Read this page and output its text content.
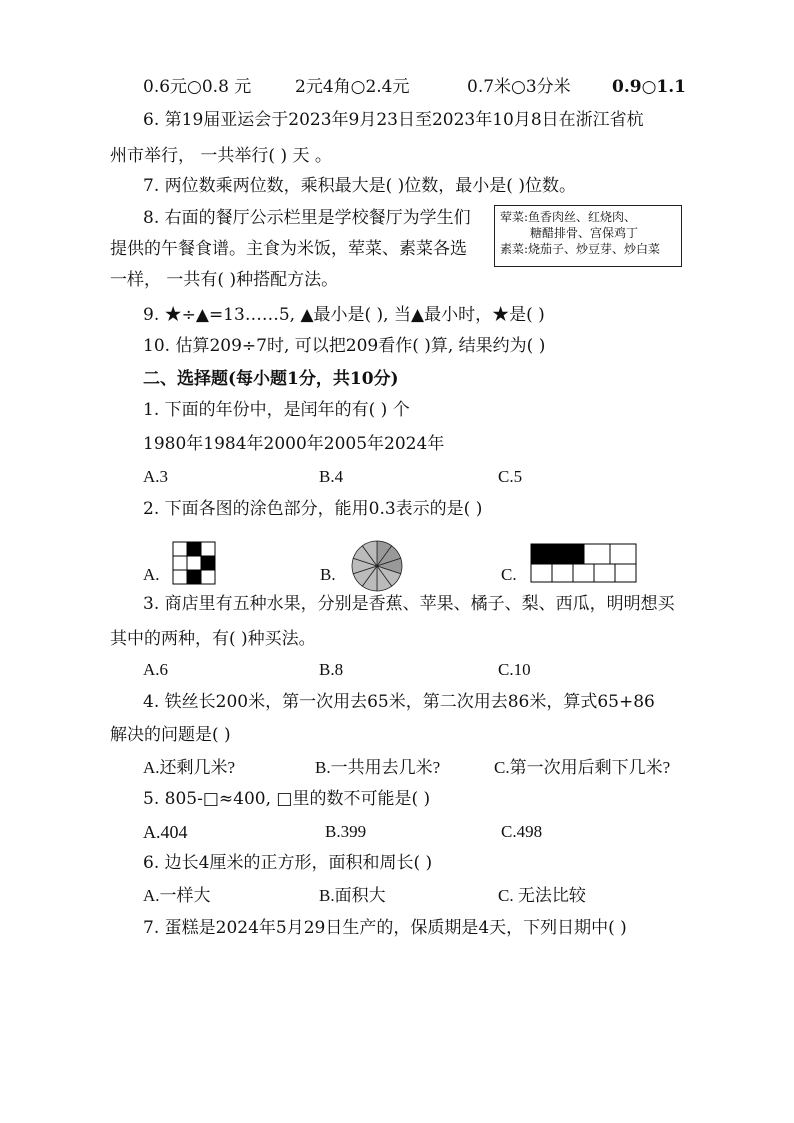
0.6元○0.8 元	2元4角○2.4元	0.7米○3分米 0.9○1.1
6. 第19届亚运会于2023年9月23日至2023年10月8日在浙江省杭
州市举行， 一共举行( ) 天 。
7. 两位数乘两位数，乘积最大是( )位数，最小是( )位数。
8. 右面的餐厅公示栏里是学校餐厅为学生们
提供的午餐食谱。主食为米饭，荤菜、素菜各选
一样， 一共有( )种搭配方法。
荤菜:鱼香肉丝、红烧肉、
糖醋排骨、宫保鸡丁
素菜:烧茄子、炒豆芽、炒白菜
9. ★÷▲=13……5, ▲最小是( ), 当▲最小时，★是( )
10. 估算209÷7时, 可以把209看作( )算, 结果约为( )
二、选择题(每小题1分，共10分)
1. 下面的年份中，是闰年的有( ) 个
1980年1984年2000年2005年2024年
A.3	B.4	C.5
2. 下面各图的涂色部分，能用0.3表示的是( )
A.	B.	C.
3. 商店里有五种水果，分别是香蕉、苹果、橘子、梨、西瓜，明明想买
其中的两种，有( )种买法。
A.6	B.8	C.10
4. 铁丝长200米，第一次用去65米，第二次用去86米，算式65+86
解决的问题是( )
A.还剩几米?	B.一共用去几米?	C.第一次用后剩下几米?
5. 805-□≈400, □里的数不可能是( )
A.404	B.399	C.498
6. 边长4厘米的正方形，面积和周长( )
A.一样大	B.面积大	C. 无法比较
7. 蛋糕是2024年5月29日生产的，保质期是4天，下列日期中( )
